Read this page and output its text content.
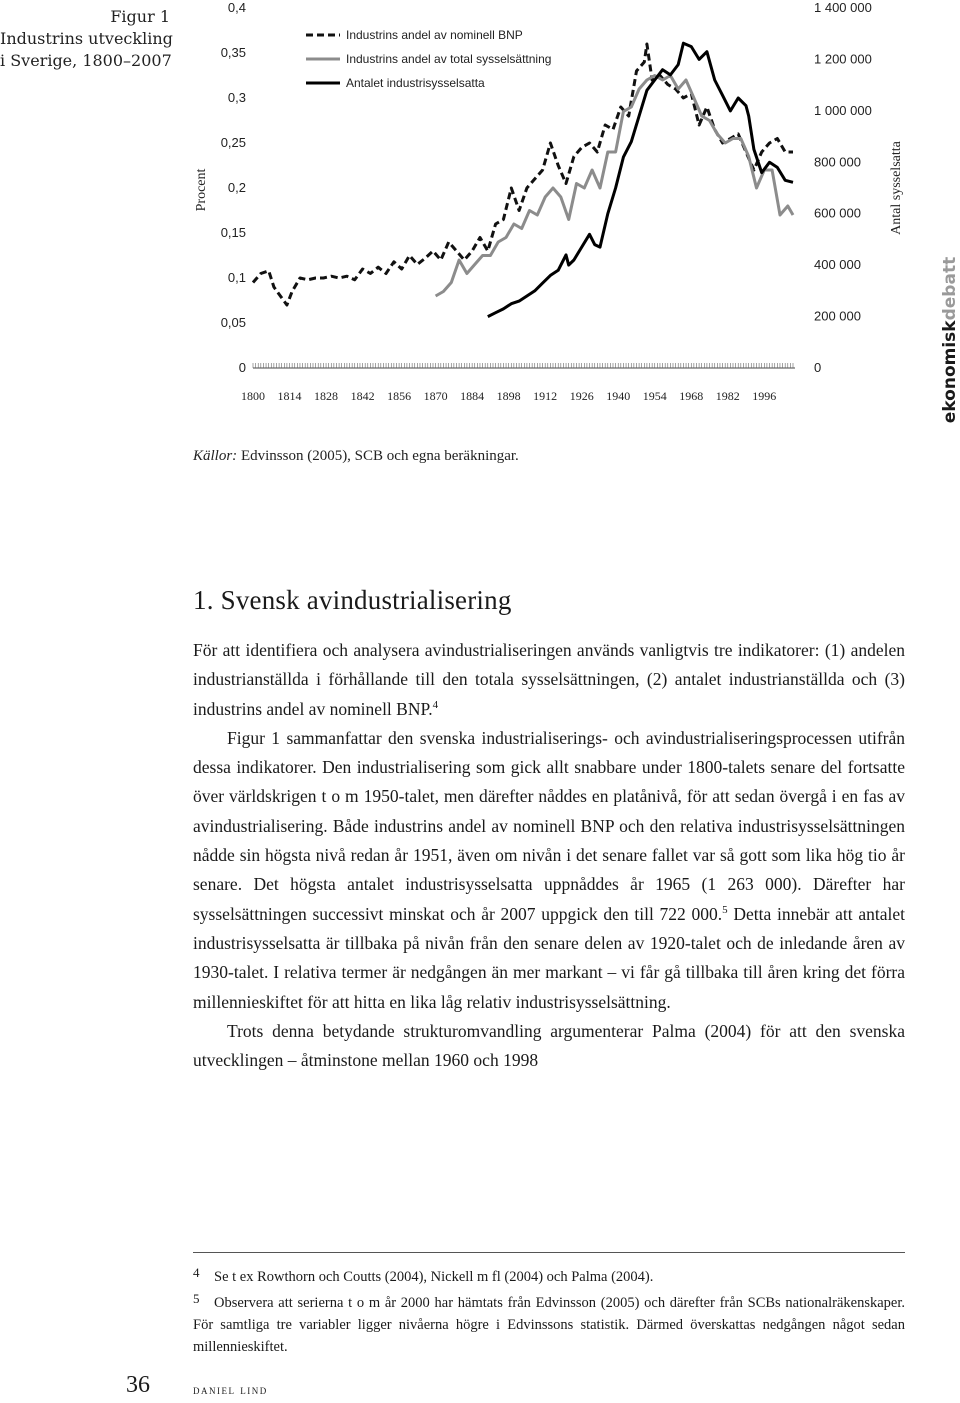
Figur 1
Industrins utveckling
i Sverige, 1800–2007
1800 1814 1828 1842 1856 1870 1884 1898 1912 1926 1940 1954 1968 1982 1996
0
0,05
0,1
0,15
0,2
0,25
0,3
0,35
0,4
0
200 000
400 000
600 000
800 000
1 000 000
1 200 000
1 400 000
Industrins andel av nominell BNP
Industrins andel av total sysselsättning
Antalet industrisysselsatta
Procent	Antal sysselsatta
ekonomiskdebatt
Källor: Edvinsson (2005), SCB och egna beräkningar.
1. Svensk avindustrialisering

För att identifiera och analysera avindustrialiseringen används vanligtvis tre indikatorer: (1) andelen industrianställda i förhållande till den totala sysselsättningen, (2) antalet industrianställda och (3) industrins andel av nominell BNP.$^4$

Figur 1 sammanfattar den svenska industrialiserings- och avindustrialiseringsprocessen utifrån dessa indikatorer. Den industrialisering som gick allt snabbare under 1800-talets senare del fortsatte över världskrigen t o m 1950-talet, men därefter nåddes en platånivå, för att sedan övergå i en fas av avindustrialisering. Både industrins andel av nominell BNP och den relativa industrisysselsättningen nådde sin högsta nivå redan år 1951, även om nivån i det senare fallet var så gott som lika hög tio år senare. Det högsta antalet industrisysselsatta uppnåddes år 1965 (1 263 000). Därefter har sysselsättningen successivt minskat och år 2007 uppgick den till 722 000.$^5$ Detta innebär att antalet industrisysselsatta är tillbaka på nivån från den senare delen av 1920-talet och de inledande åren av 1930-talet. I relativa termer är nedgången än mer markant – vi får gå tillbaka till åren kring det förra millennieskiftet för att hitta en lika låg relativ industrisysselsättning.

Trots denna betydande strukturomvandling argumenterar Palma (2004) för att den svenska utvecklingen – åtminstone mellan 1960 och 1998

4 Se t ex Rowthorn och Coutts (2004), Nickell m fl (2004) och Palma (2004).

5 Observera att serierna t o m år 2000 har hämtats från Edvinsson (2005) och därefter från SCBs nationalräkenskaper. För samtliga tre variabler ligger nivåerna högre i Edvinssons statistik. Därmed överskattas nedgången något sedan millennieskiftet.

36	daniel lind
